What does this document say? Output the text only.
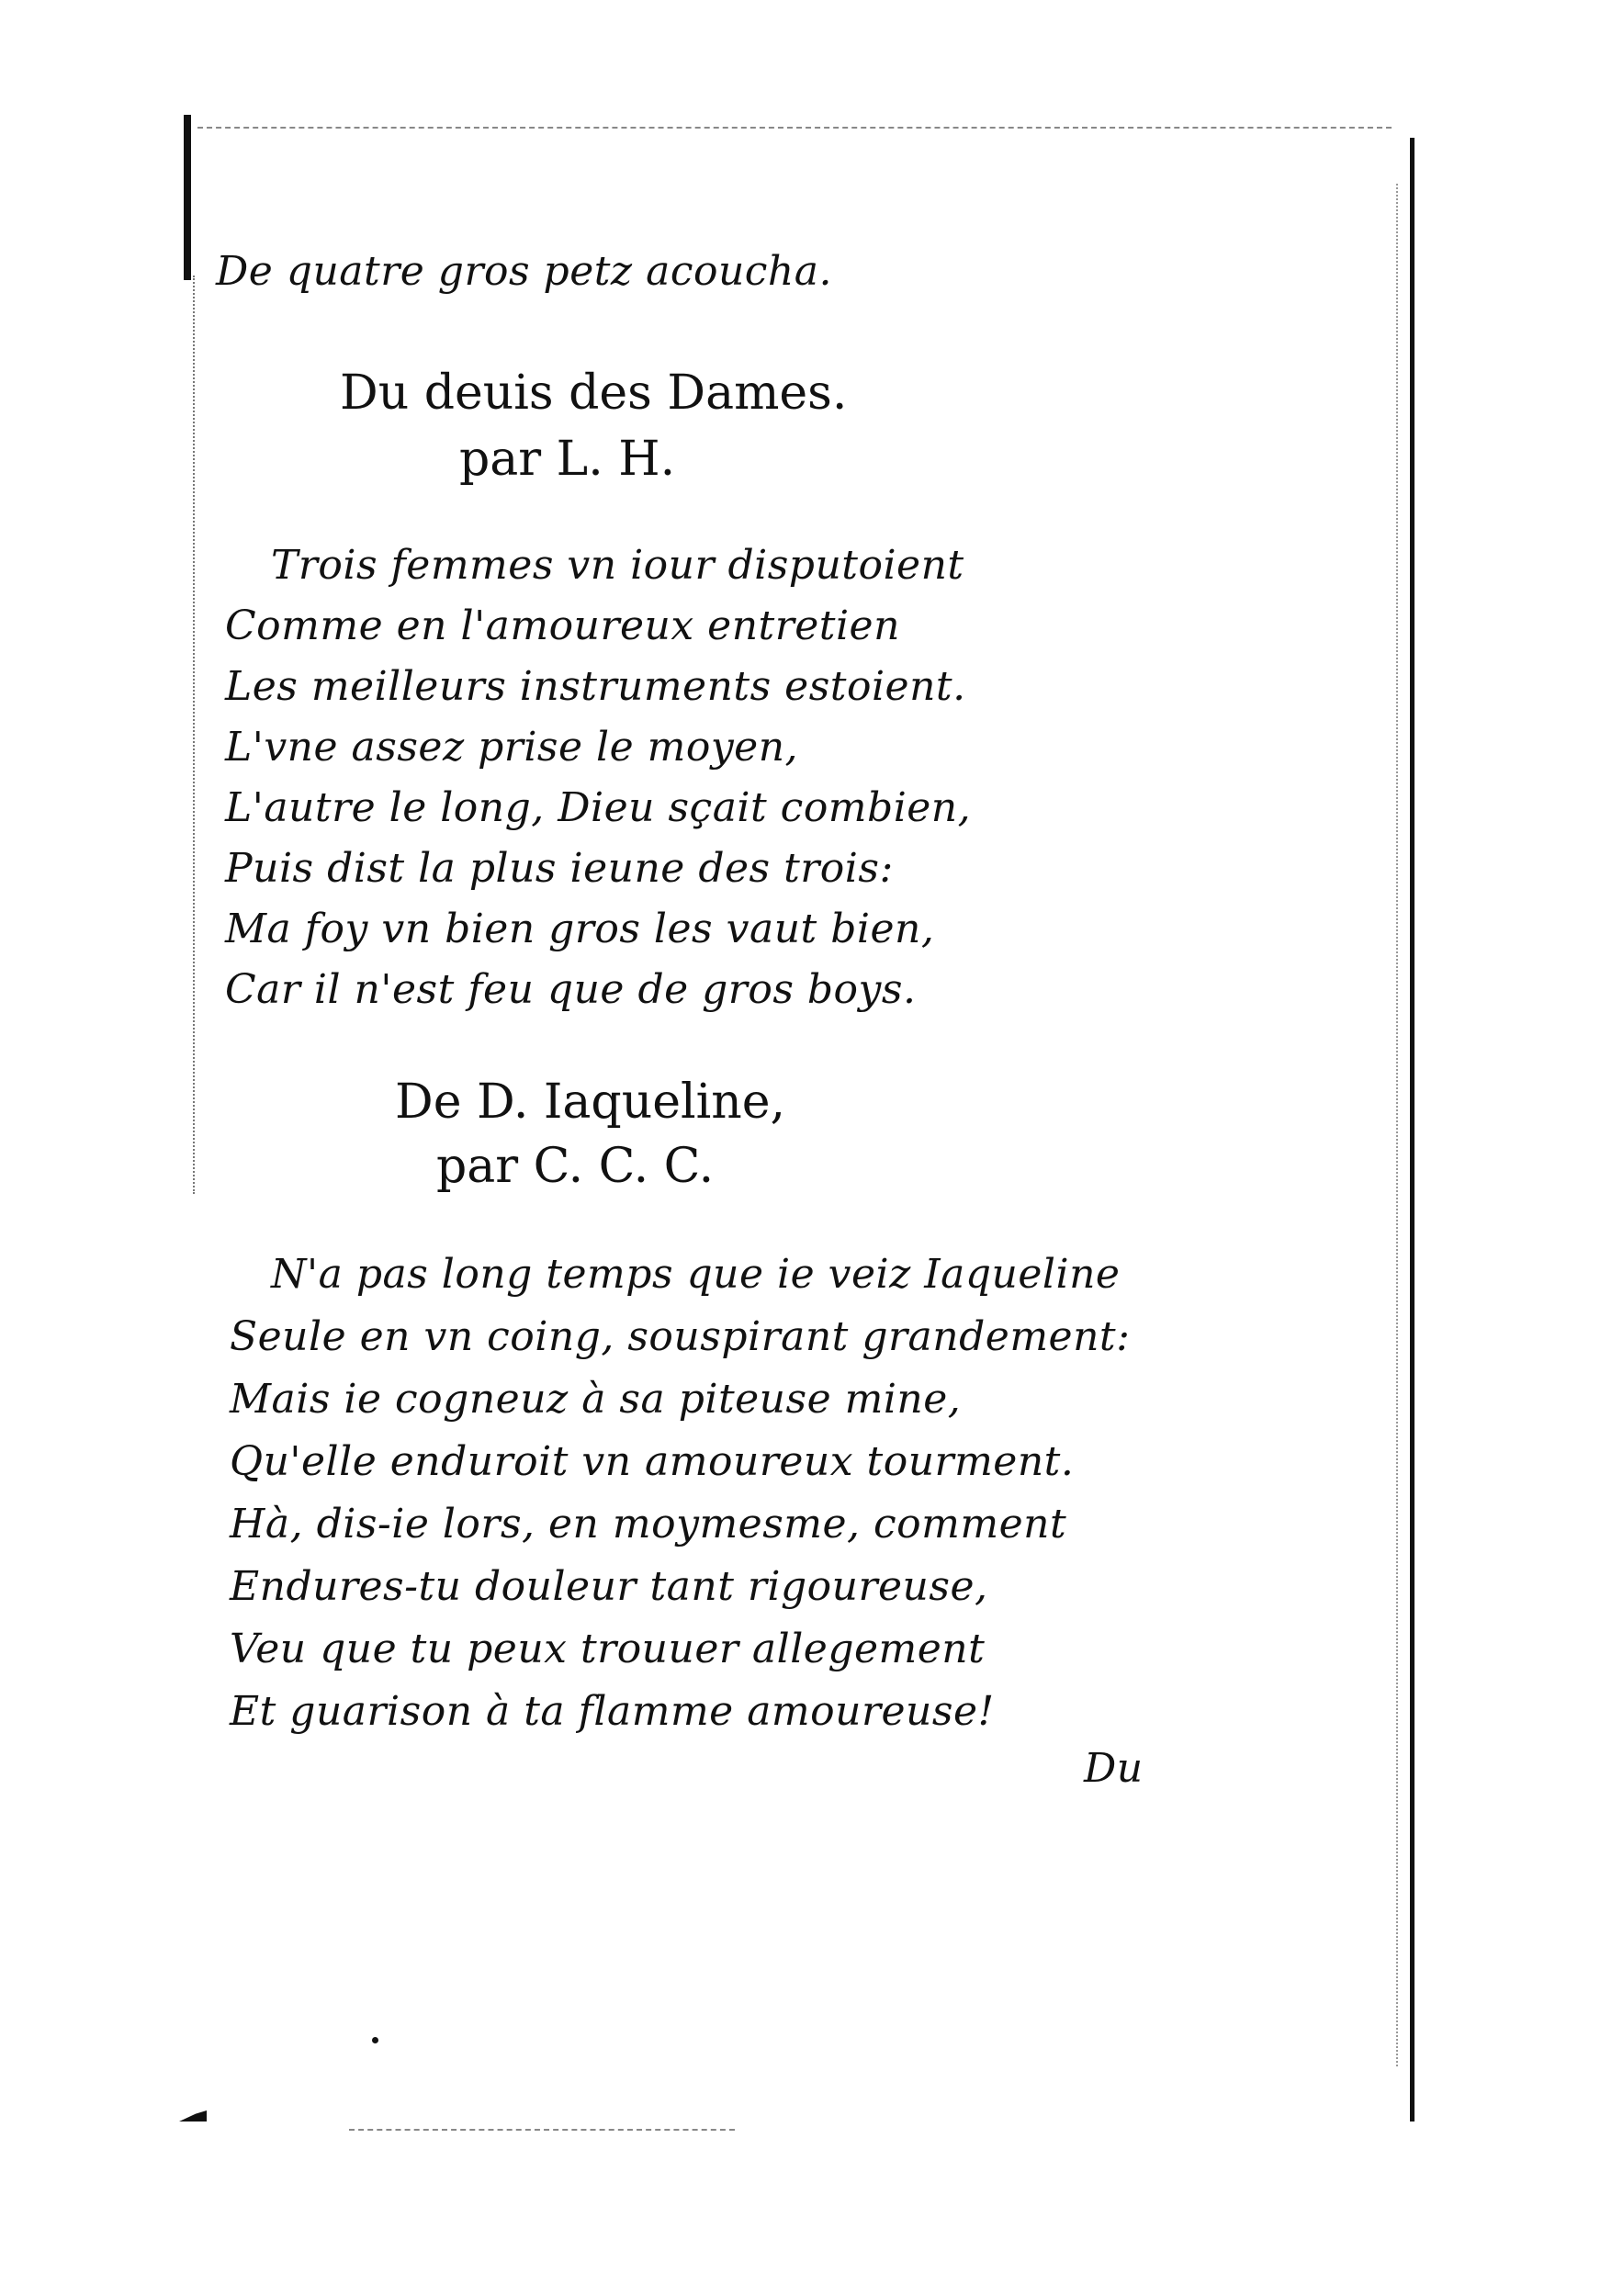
De quatre gros petz acoucha.

Du deuis des Dames.

par L. H.

Trois femmes vn iour disputoient

Comme en l'amoureux entretien

Les meilleurs instruments estoient.

L'vne assez prise le moyen,

L'autre le long, Dieu sçait combien,

Puis dist la plus ieune des trois:

Ma foy vn bien gros les vaut bien,

Car il n'est feu que de gros boys.

De D. Iaqueline,

par C. C. C.

N'a pas long temps que ie veiz Iaqueline

Seule en vn coing, souspirant grandement:

Mais ie cogneuz à sa piteuse mine,

Qu'elle enduroit vn amoureux tourment.

Hà, dis-ie lors, en moymesme, comment

Endures-tu douleur tant rigoureuse,

Veu que tu peux trouuer allegement

Et guarison à ta flamme amoureuse!

Du
